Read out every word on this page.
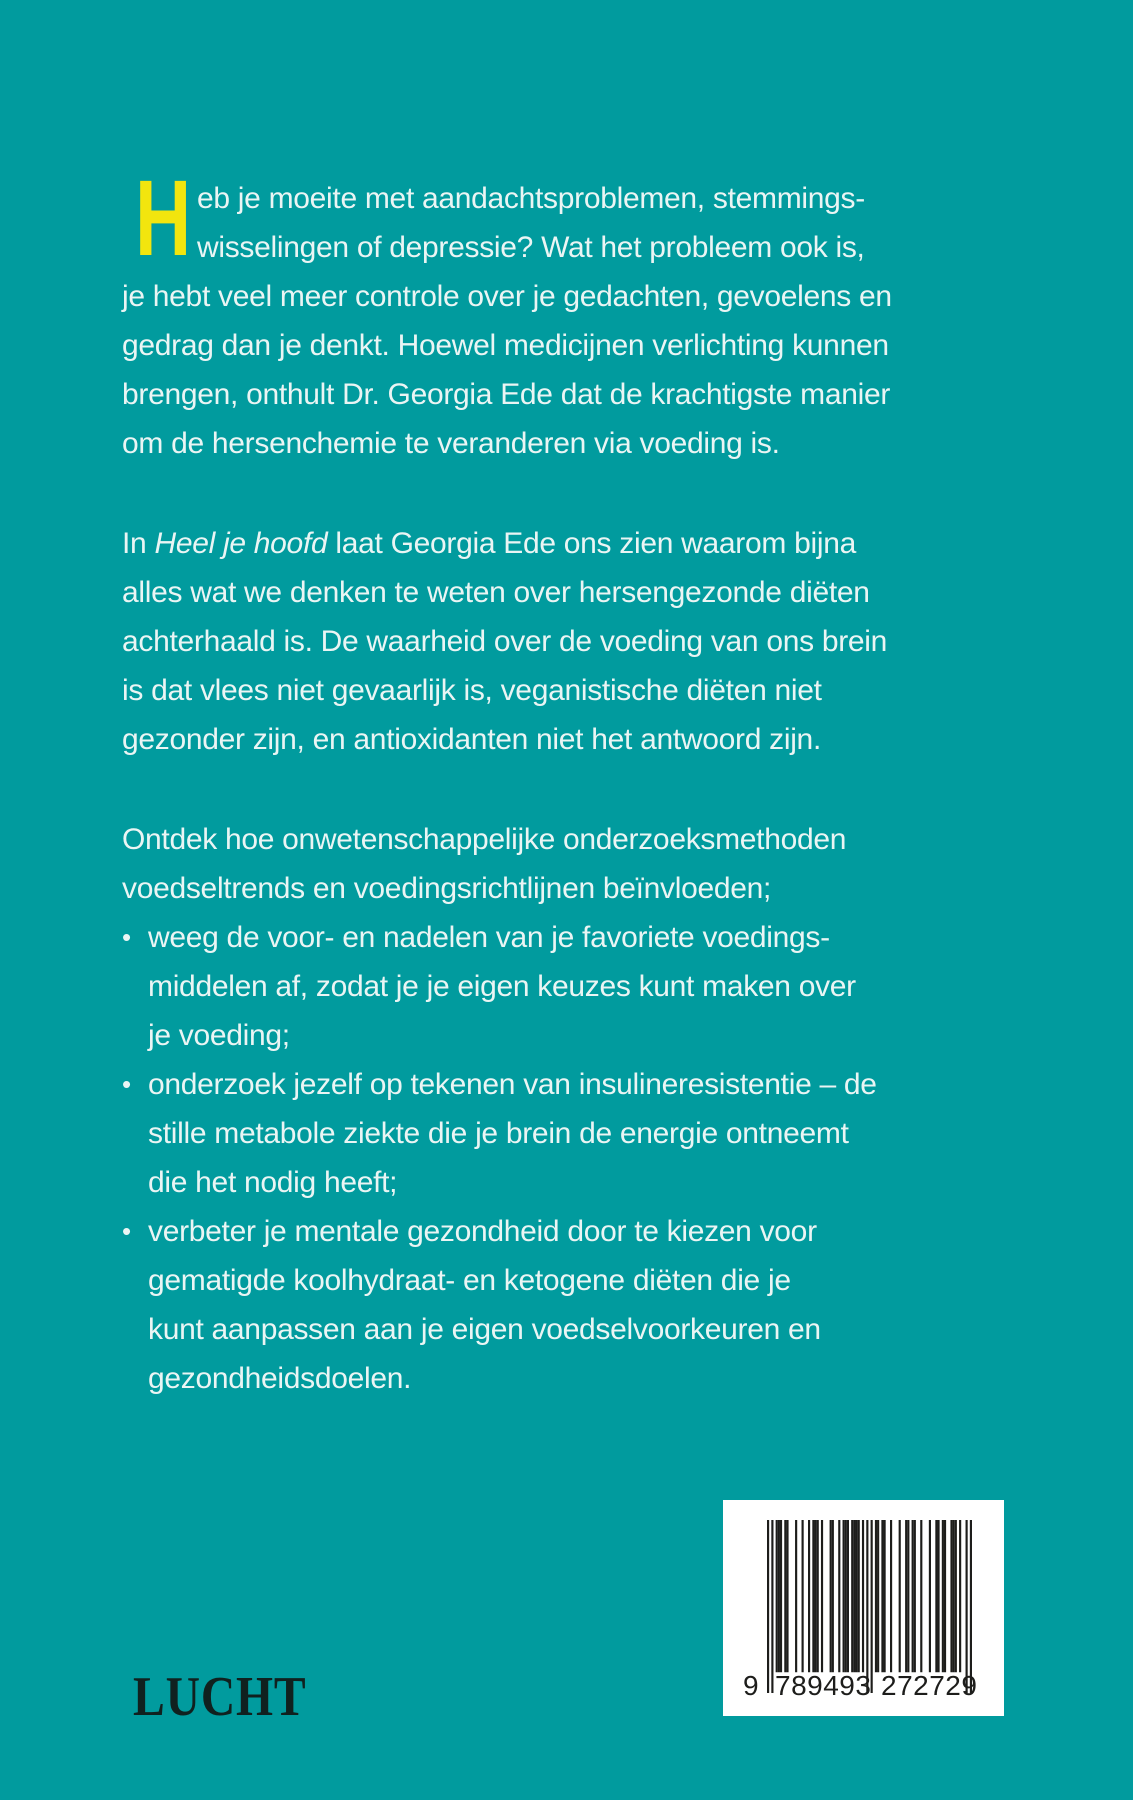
H eb je moeite met aandachtsproblemen, stemmings-
wisselingen of depressie? Wat het probleem ook is,
je hebt veel meer controle over je gedachten, gevoelens en
gedrag dan je denkt. Hoewel medicijnen verlichting kunnen
brengen, onthult Dr. Georgia Ede dat de krachtigste manier
om de hersenchemie te veranderen via voeding is.
In Heel je hoofd laat Georgia Ede ons zien waarom bijna
alles wat we denken te weten over hersengezonde diëten
achterhaald is. De waarheid over de voeding van ons brein
is dat vlees niet gevaarlijk is, veganistische diëten niet
gezonder zijn, en antioxidanten niet het antwoord zijn.
Ontdek hoe onwetenschappelijke onderzoeksmethoden
voedseltrends en voedingsrichtlijnen beïnvloeden;
• weeg de voor- en nadelen van je favoriete voedings-
middelen af, zodat je je eigen keuzes kunt maken over
je voeding;
• onderzoek jezelf op tekenen van insulineresistentie – de
stille metabole ziekte die je brein de energie ontneemt
die het nodig heeft;
• verbeter je mentale gezondheid door te kiezen voor
gematigde koolhydraat- en ketogene diëten die je
kunt aanpassen aan je eigen voedselvoorkeuren en
gezondheidsdoelen.
9 789493 272729
LUCHT
